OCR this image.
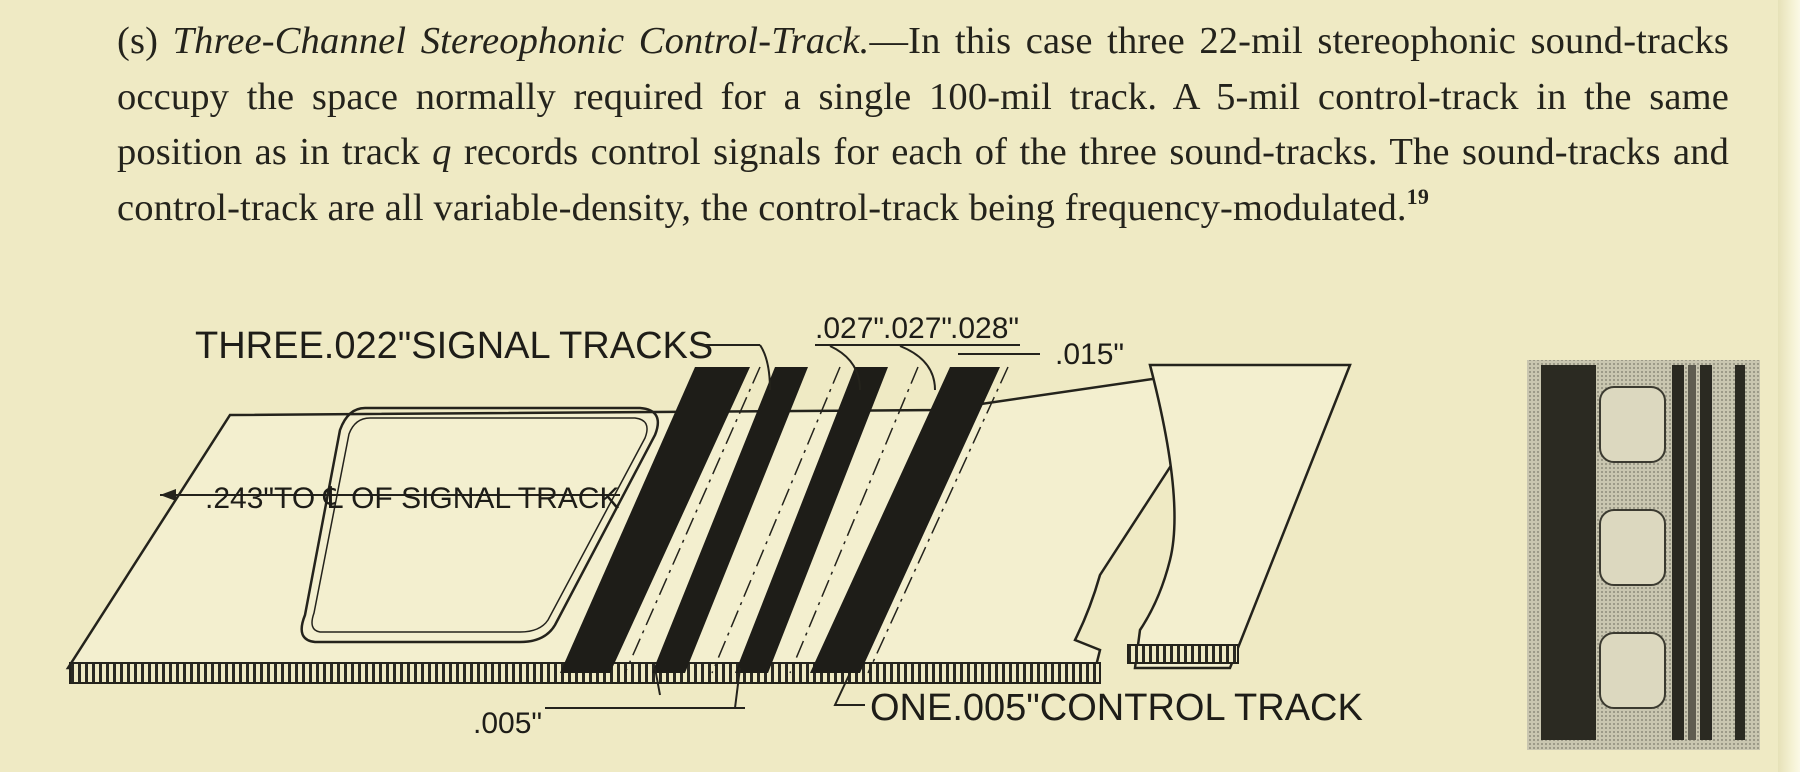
(s) Three-Channel Stereophonic Control-Track.—In this case three 22-mil stereophonic sound-tracks occupy the space normally required for a single 100-mil track. A 5-mil control-track in the same position as in track q records control signals for each of the three sound-tracks. The sound-tracks and control-track are all variable-density, the control-track being frequency-modulated.$^{19}$
THREE.022"SIGNAL TRACKS	.027"
.027"
.028"
.015"
.243"TO ℄ OF SIGNAL TRACK
.005"	ONE.005"CONTROL TRACK
